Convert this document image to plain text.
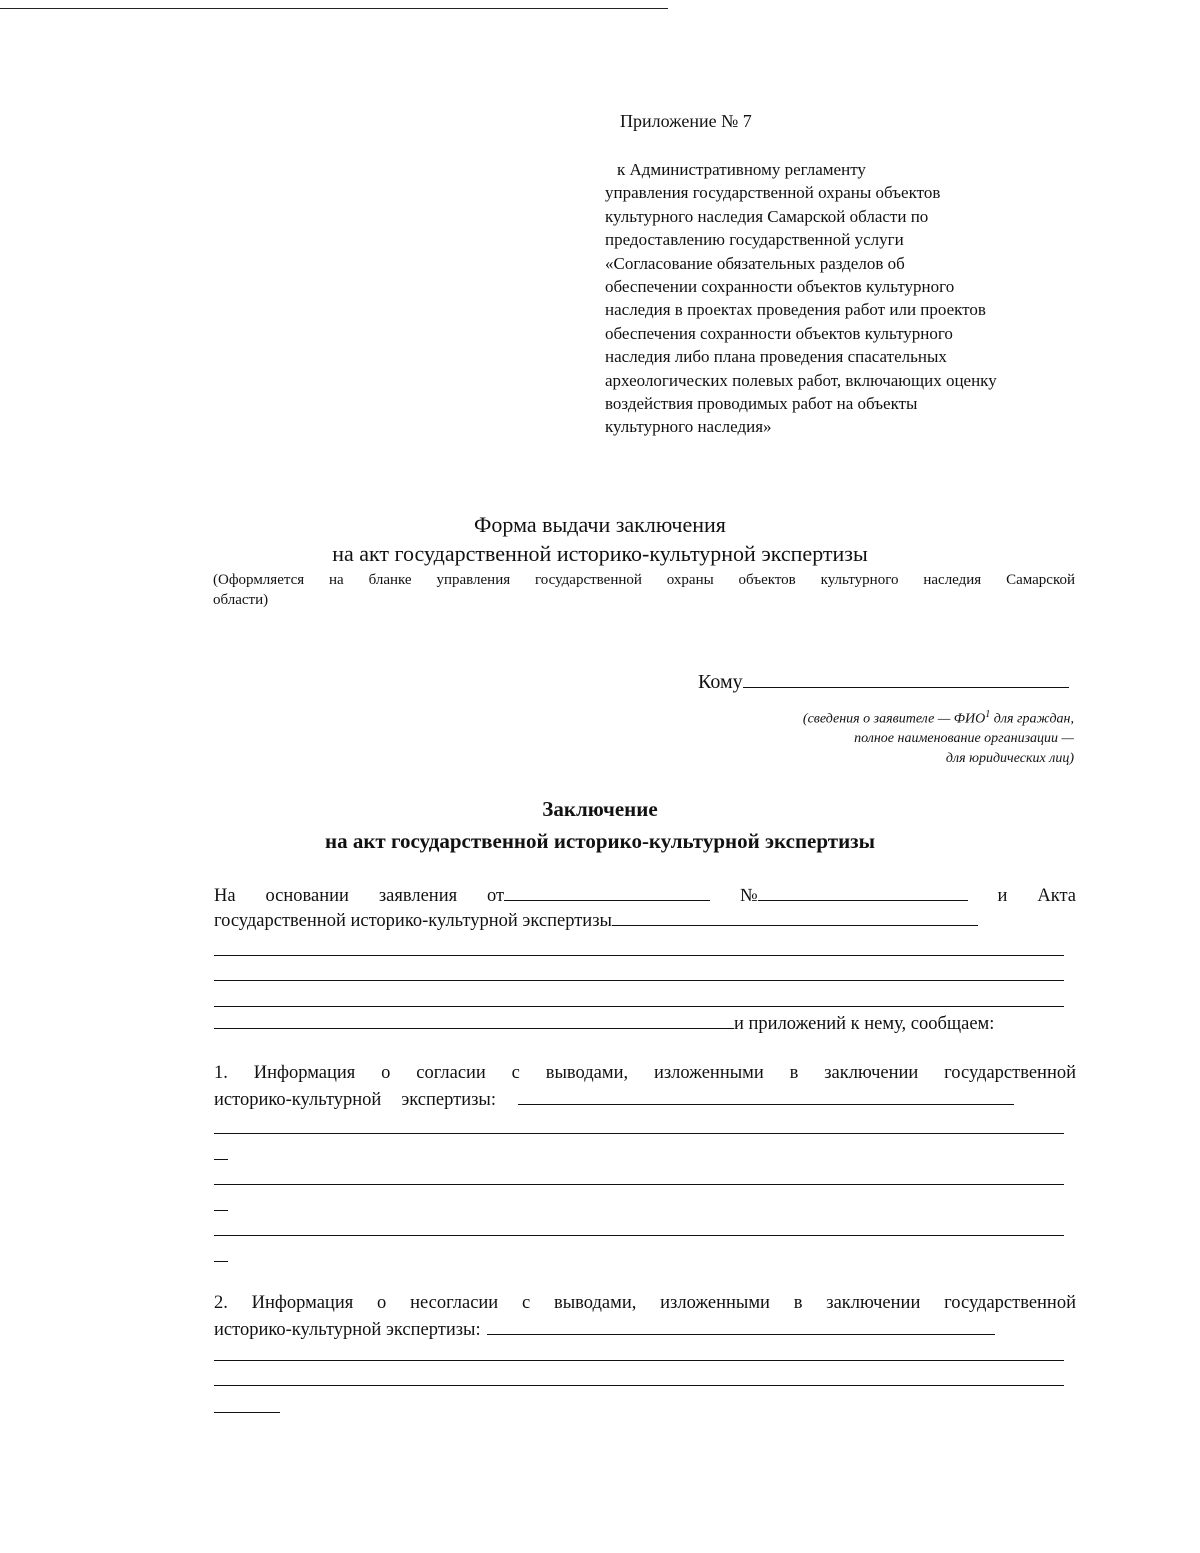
Приложение № 7
к Административному регламенту
управления государственной охраны объектов
культурного наследия Самарской области по
предоставлению государственной услуги
«Согласование обязательных разделов об
обеспечении сохранности объектов культурного
наследия в проектах проведения работ или проектов
обеспечения сохранности объектов культурного
наследия либо плана проведения спасательных
археологических полевых работ, включающих оценку
воздействия проводимых работ на объекты
культурного наследия»
Форма выдачи заключения
на акт государственной историко-культурной экспертизы
(Оформляется на бланке управления государственной охраны объектов культурного наследия Самарской
области)
Кому
(сведения о заявителе — ФИО$^1$ для граждан,
полное наименование организации —
для юридических лиц)
Заключение
на акт государственной историко-культурной экспертизы
На основании заявления от	№	и Акта
государственной историко-культурной экспертизы
и приложений к нему, сообщаем:
1. Информация о согласии с выводами, изложенными в заключении государственной
историко-культурной экспертизы:
2. Информация о несогласии с выводами, изложенными в заключении государственной
историко-культурной экспертизы:
